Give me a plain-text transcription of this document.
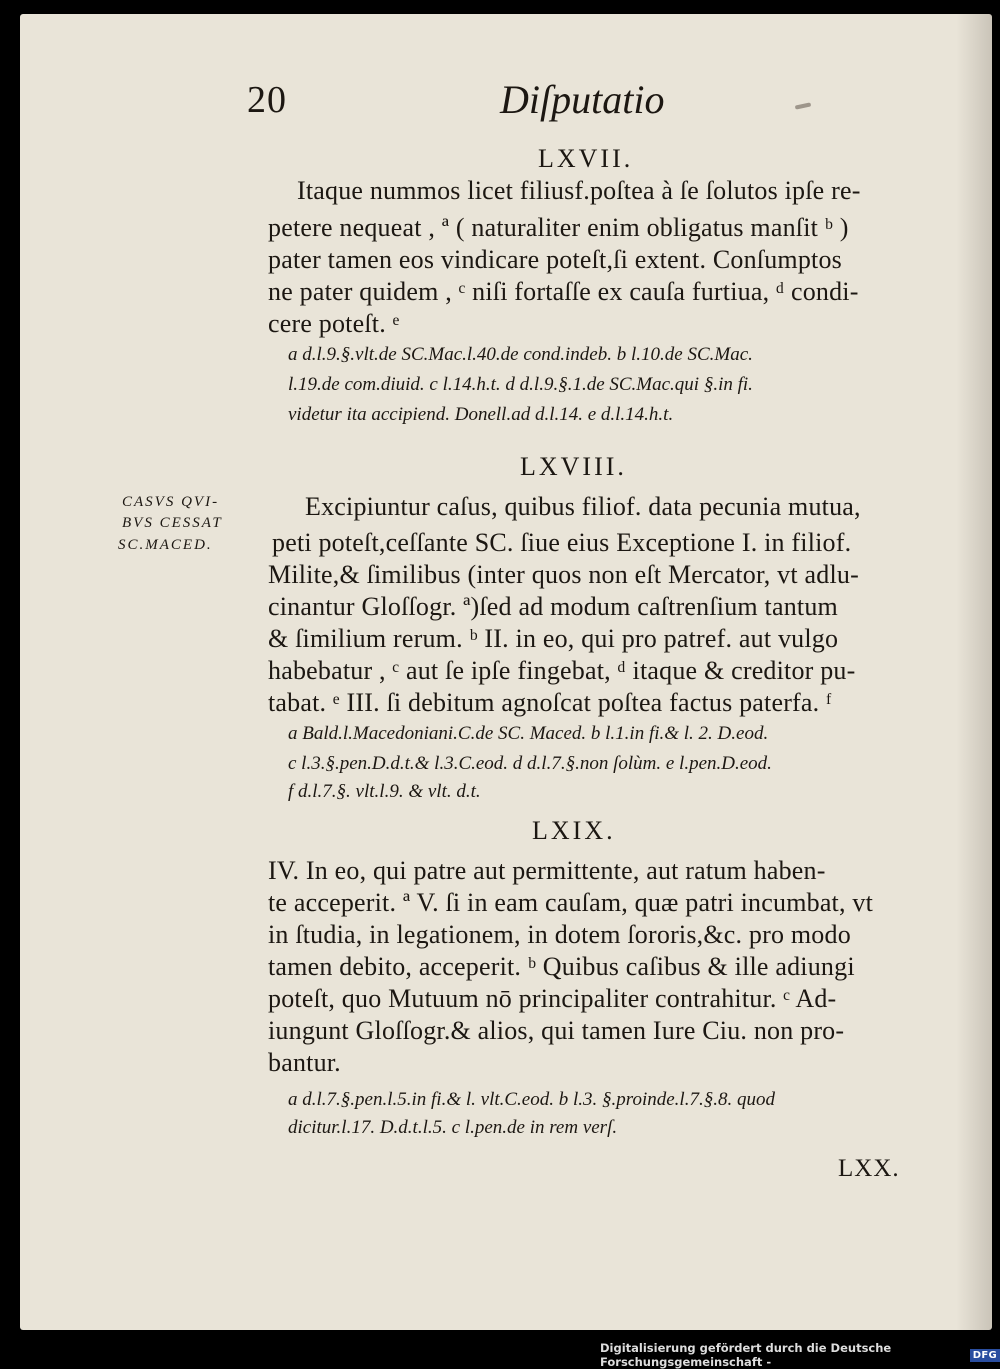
20	Diſputatio
LXVII.
Itaque nummos licet filiusf.poſtea à ſe ſolutos ipſe re-
petere nequeat , ª ( naturaliter enim obligatus manſit ᵇ )
pater tamen eos vindicare poteſt,ſi extent. Conſumptos
ne pater quidem , ᶜ niſi fortaſſe ex cauſa furtiua, ᵈ condi-
cere poteſt. ᵉ
a d.l.9.§.vlt.de SC.Mac.l.40.de cond.indeb. b l.10.de SC.Mac.
l.19.de com.diuid. c l.14.h.t. d d.l.9.§.1.de SC.Mac.qui §.in fi.
videtur ita accipiend. Donell.ad d.l.14. e d.l.14.h.t.
LXVIII.
CASVS QVI-
BVS CESSAT
SC.MACED.
Excipiuntur caſus, quibus filiof. data pecunia mutua,
peti poteſt,ceſſante SC. ſiue eius Exceptione I. in filiof.
Milite,& ſimilibus (inter quos non eſt Mercator, vt adlu-
cinantur Gloſſogr. ª)ſed ad modum caſtrenſium tantum
& ſimilium rerum. ᵇ II. in eo, qui pro patref. aut vulgo
habebatur , ᶜ aut ſe ipſe fingebat, ᵈ itaque & creditor pu-
tabat. ᵉ III. ſi debitum agnoſcat poſtea factus paterfa. ᶠ
a Bald.l.Macedoniani.C.de SC. Maced. b l.1.in fi.& l. 2. D.eod.
c l.3.§.pen.D.d.t.& l.3.C.eod. d d.l.7.§.non ſolùm. e l.pen.D.eod.
f d.l.7.§. vlt.l.9. & vlt. d.t.
LXIX.
IV. In eo, qui patre aut permittente, aut ratum haben-
te acceperit. ª V. ſi in eam cauſam, quæ patri incumbat, vt
in ſtudia, in legationem, in dotem ſororis,&c. pro modo
tamen debito, acceperit. ᵇ Quibus caſibus & ille adiungi
poteſt, quo Mutuum nō principaliter contrahitur. ᶜ Ad-
iungunt Gloſſogr.& alios, qui tamen Iure Ciu. non pro-
bantur.
a d.l.7.§.pen.l.5.in fi.& l. vlt.C.eod. b l.3. §.proinde.l.7.§.8. quod
dicitur.l.17. D.d.t.l.5. c l.pen.de in rem verſ.
LXX.
Digitalisierung gefördert durch die Deutsche Forschungsgemeinschaft -	DFG
